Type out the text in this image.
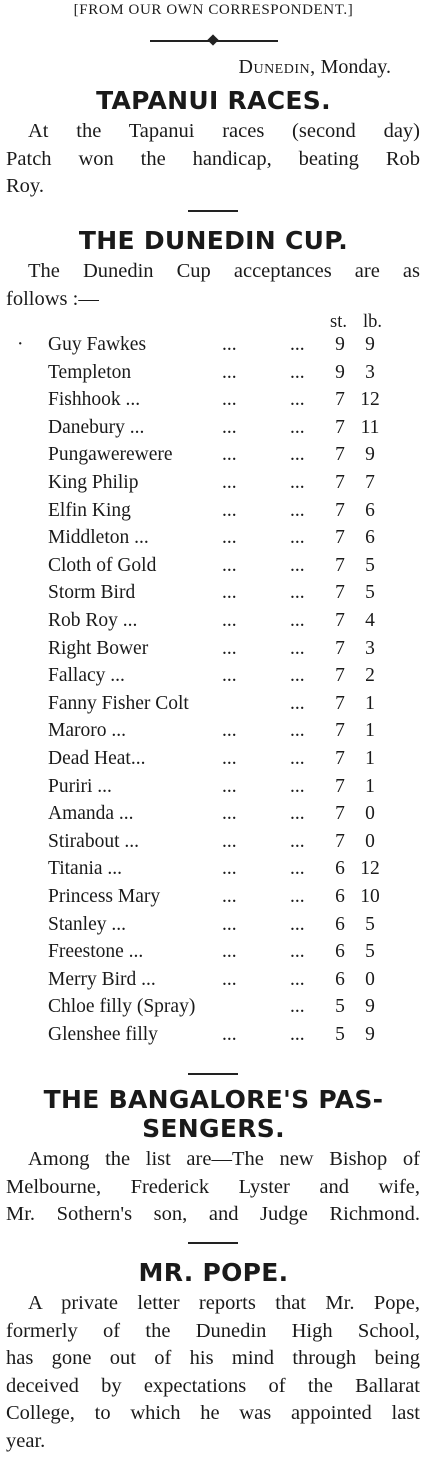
[FROM OUR OWN CORRESPONDENT.]
Dunedin, Monday.
TAPANUI RACES.
At the Tapanui races (second day)
Patch won the handicap, beating Rob
Roy.
THE DUNEDIN CUP.
The Dunedin Cup acceptances are as
follows :—
st. lb.
· Guy Fawkes	...	... 9	9
Templeton	...	... 9	3
Fishhook ...	...	... 7 12
Danebury ...	...	... 7 11
Pungawerewere	...	... 7	9
King Philip	...	... 7	7
Elfin King	...	... 7	6
Middleton ...	...	... 7	6
Cloth of Gold	...	... 7	5
Storm Bird	...	... 7	5
Rob Roy ...	...	... 7	4
Right Bower	...	... 7	3
Fallacy ...	...	... 7	2
Fanny Fisher Colt	... 7	1
Maroro ...	...	... 7	1
Dead Heat...	...	... 7	1
Puriri ...	...	... 7	1
Amanda ...	...	... 7	0
Stirabout ...	...	... 7	0
Titania ...	...	... 6 12
Princess Mary	...	... 6 10
Stanley ...	...	... 6	5
Freestone ...	...	... 6	5
Merry Bird ...	...	... 6	0
Chloe filly (Spray)	... 5	9
Glenshee filly	...	... 5	9
THE BANGALORE'S PAS-
SENGERS.
Among the list are—The new Bishop of
Melbourne, Frederick Lyster and wife,
Mr. Sothern's son, and Judge Richmond.
MR. POPE.
A private letter reports that Mr. Pope,
formerly of the Dunedin High School,
has gone out of his mind through being
deceived by expectations of the Ballarat
College, to which he was appointed last
year.
